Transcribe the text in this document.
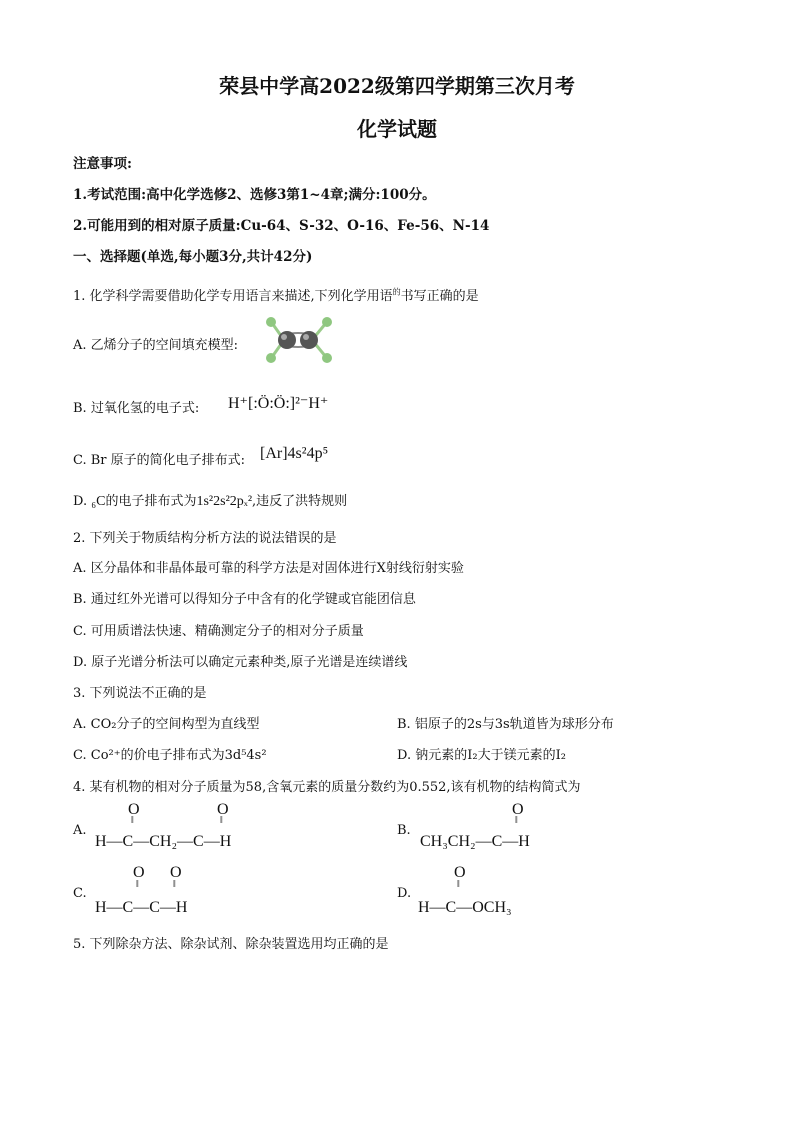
荣县中学高2022级第四学期第三次月考
化学试题
注意事项:
1.考试范围:高中化学选修2、选修3第1~4章;满分:100分。
2.可能用到的相对原子质量:Cu-64、S-32、O-16、Fe-56、N-14
一、选择题(单选,每小题3分,共计42分)
1. 化学科学需要借助化学专用语言来描述,下列化学用语$^的$书写正确的是
A. 乙烯分子的空间填充模型:
B. 过氧化氢的电子式: H⁺[:Ö:Ö:]²⁻H⁺
C. Br 原子的简化电子排布式: [Ar]4s²4p⁵
D. ₆C的电子排布式为1s²2s²2pₓ²,违反了洪特规则
2. 下列关于物质结构分析方法的说法错误的是
A. 区分晶体和非晶体最可靠的科学方法是对固体进行X射线衍射实验
B. 通过红外光谱可以得知分子中含有的化学键或官能团信息
C. 可用质谱法快速、精确测定分子的相对分子质量
D. 原子光谱分析法可以确定元素种类,原子光谱是连续谱线
3. 下列说法不正确的是
A. CO₂分子的空间构型为直线型	B. 铝原子的2s与3s轨道皆为球形分布
C. Co²⁺的价电子排布式为3d⁵4s²	D. 钠元素的I₂大于镁元素的I₂
4. 某有机物的相对分子质量为58,含氧元素的质量分数约为0.552,该有机物的结构简式为
A.
O
‖
O
‖
H—C—CH₂—C—H
B.
O
‖
CH₃CH₂—C—H
C.
O
‖
O
‖
H—C—C—H
D.
O
‖
H—C—OCH₃
5. 下列除杂方法、除杂试剂、除杂装置选用均正确的是
